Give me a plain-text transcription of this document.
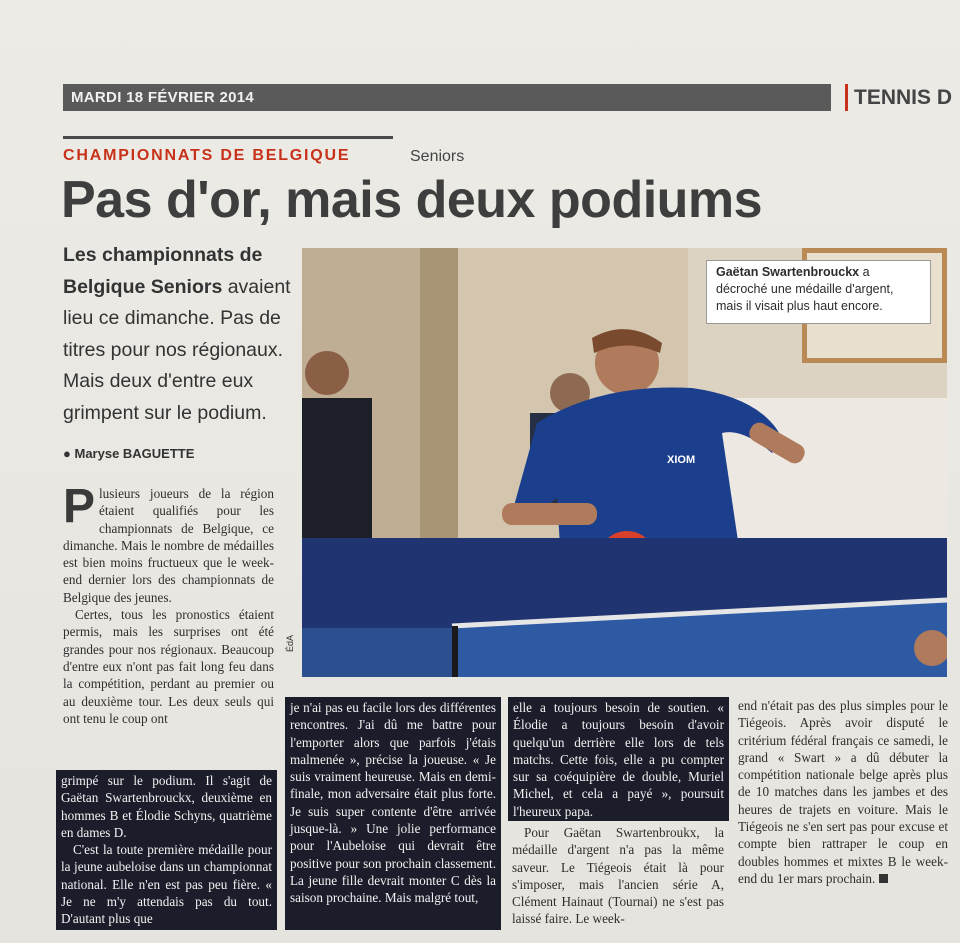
MARDI 18 FÉVRIER 2014	TENNIS D
CHAMPIONNATS DE BELGIQUE	Seniors
Pas d'or, mais deux podiums
Les championnats de Belgique Seniors avaient lieu ce dimanche. Pas de titres pour nos régionaux. Mais deux d'entre eux grimpent sur le podium.
● Maryse BAGUETTE	XIOM
Gaëtan Swartenbrouckx a décroché une médaille d'argent, mais il visait plus haut encore.
ÉdA
P lusieurs joueurs de la région étaient qualifiés pour les championnats de Belgique, ce dimanche. Mais le nombre de médailles est bien moins fructueux que le week-end dernier lors des championnats de Belgique des jeunes.

Certes, tous les pronostics étaient permis, mais les surprises ont été grandes pour nos régionaux. Beaucoup d'entre eux n'ont pas fait long feu dans la compétition, perdant au premier ou au deuxième tour. Les deux seuls qui ont tenu le coup ont

grimpé sur le podium. Il s'agit de Gaëtan Swartenbrouckx, deuxième en hommes B et Élodie Schyns, quatrième en dames D.

C'est la toute première médaille pour la jeune aubeloise dans un championnat national. Elle n'en est pas peu fière. « Je ne m'y attendais pas du tout. D'autant plus que

je n'ai pas eu facile lors des différentes rencontres. J'ai dû me battre pour l'emporter alors que parfois j'étais malmenée », précise la joueuse. « Je suis vraiment heureuse. Mais en demi-finale, mon adversaire était plus forte. Je suis super contente d'être arrivée jusque-là. » Une jolie performance pour l'Aubeloise qui devrait être positive pour son prochain classement. La jeune fille devrait monter C dès la saison prochaine. Mais malgré tout,

elle a toujours besoin de soutien. « Élodie a toujours besoin d'avoir quelqu'un derrière elle lors de tels matchs. Cette fois, elle a pu compter sur sa coéquipière de double, Muriel Michel, et cela a payé », poursuit l'heureux papa.

Pour Gaëtan Swartenbroukx, la médaille d'argent n'a pas la même saveur. Le Tiégeois était là pour s'imposer, mais l'ancien série A, Clément Hainaut (Tournai) ne s'est pas laissé faire. Le week-

end n'était pas des plus simples pour le Tiégeois. Après avoir disputé le critérium fédéral français ce samedi, le grand « Swart » a dû débuter la compétition nationale belge après plus de 10 matches dans les jambes et des heures de trajets en voiture. Mais le Tiégeois ne s'en sert pas pour excuse et compte bien rattraper le coup en doubles hommes et mixtes B le week-end du 1er mars prochain.
